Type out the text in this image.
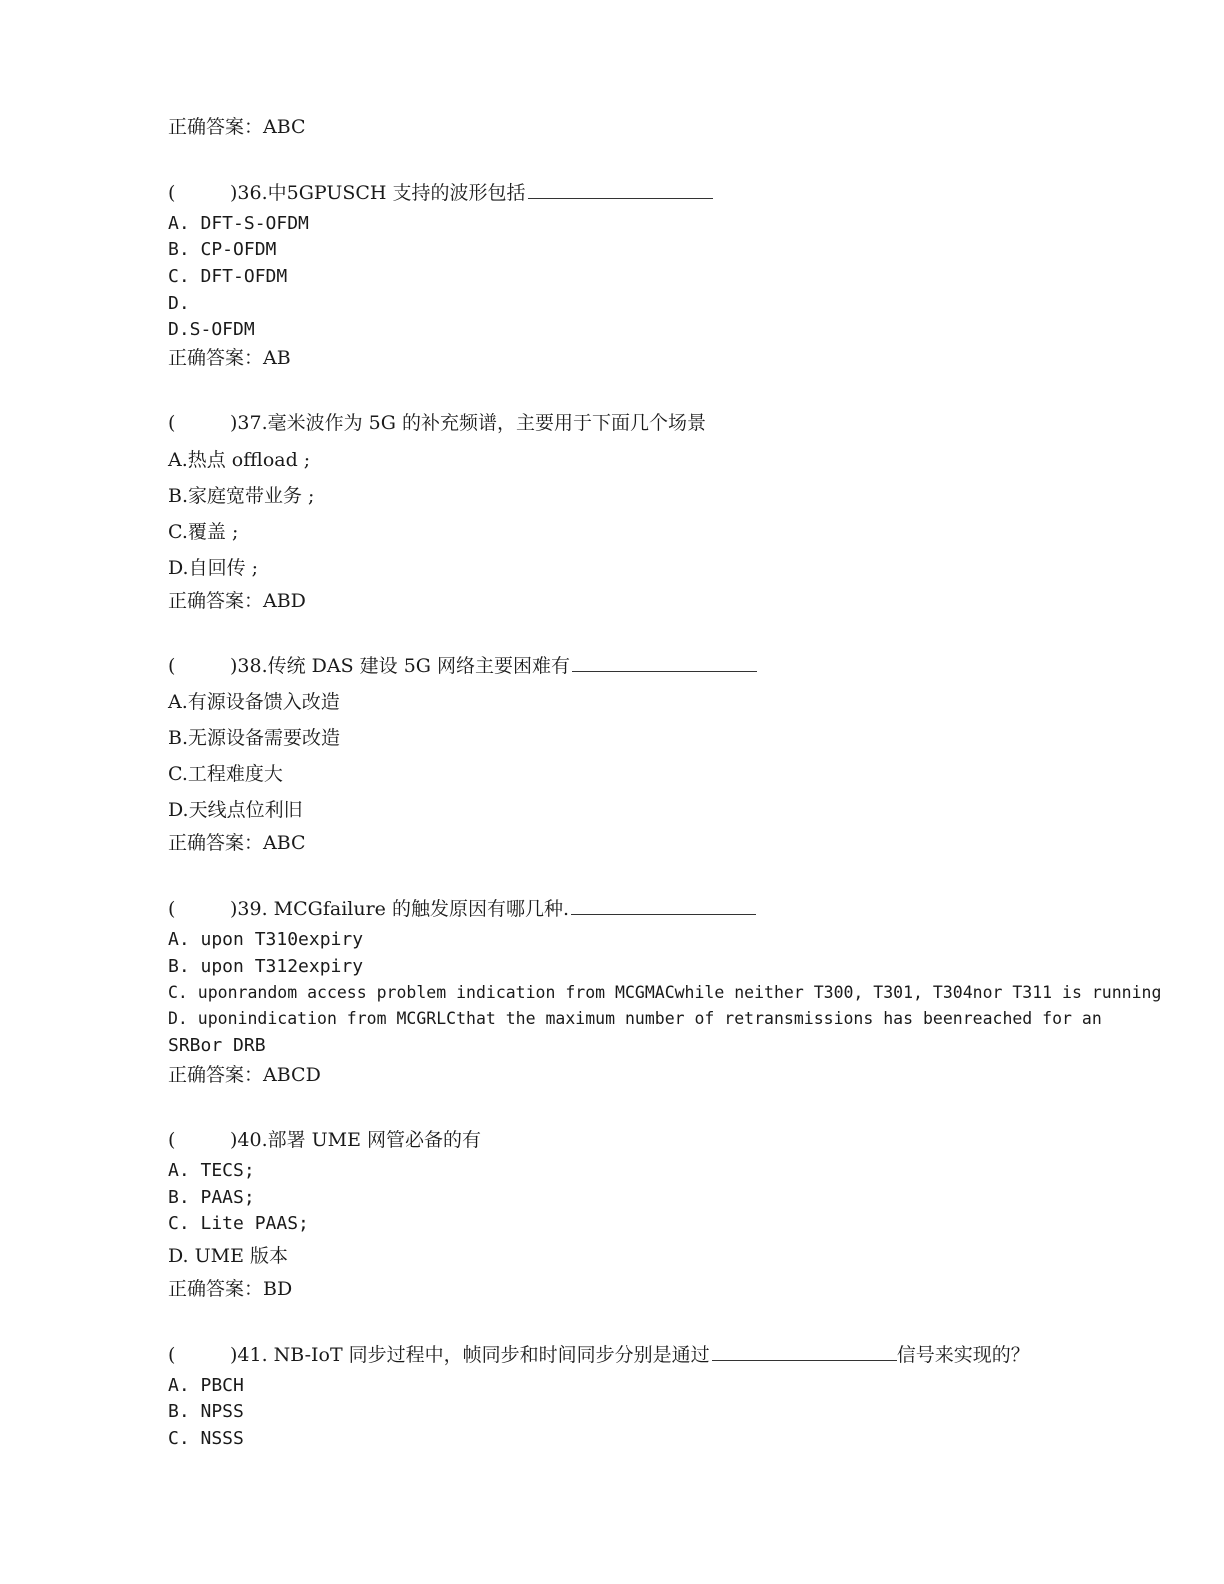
正确答案：ABC
(	)36.中5GPUSCH 支持的波形包括
A. DFT-S-OFDM
B. CP-OFDM
C. DFT-OFDM
D.
D.S-OFDM
正确答案：AB
(	)37.毫米波作为 5G 的补充频谱，主要用于下面几个场景
A.热点 offload ;
B.家庭宽带业务 ;
C.覆盖 ;
D.自回传 ;
正确答案：ABD
(	)38.传统 DAS 建设 5G 网络主要困难有
A.有源设备馈入改造
B.无源设备需要改造
C.工程难度大
D.天线点位利旧
正确答案：ABC
(	)39. MCGfailure 的触发原因有哪几种.
A. upon T310expiry
B. upon T312expiry
C. uponrandom access problem indication from MCGMACwhile neither T300, T301, T304nor T311 is running
D. uponindication from MCGRLCthat the maximum number of retransmissions has beenreached for an
SRBor DRB
正确答案：ABCD
(	)40.部署 UME 网管必备的有
A. TECS;
B. PAAS;
C. Lite PAAS;
D. UME 版本
正确答案：BD
(	)41. NB-IoT 同步过程中，帧同步和时间同步分别是通过	信号来实现的？
A. PBCH
B. NPSS
C. NSSS
